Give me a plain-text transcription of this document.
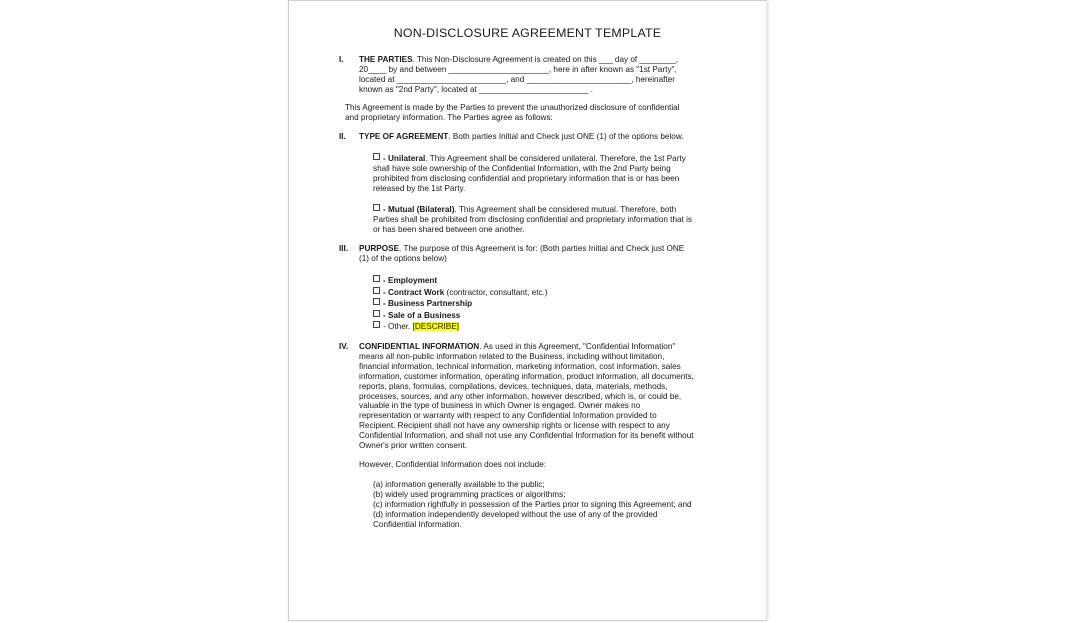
NON-DISCLOSURE AGREEMENT TEMPLATE
I. THE PARTIES. This Non-Disclosure Agreement is created on this ___ day of ________,
20____ by and between ______________________, here in after known as "1st Party",
located at ________________________, and _______________________, hereinafter
known as "2nd Party", located at ________________________ .
This Agreement is made by the Parties to prevent the unauthorized disclosure of confidential
and proprietary information. The Parties agree as follows:
II. TYPE OF AGREEMENT. Both parties Initial and Check just ONE (1) of the options below.
- Unilateral. This Agreement shall be considered unilateral. Therefore, the 1st Party
shall have sole ownership of the Confidential Information, with the 2nd Party being
prohibited from disclosing confidential and proprietary information that is or has been
released by the 1st Party.
- Mutual (Bilateral). This Agreement shall be considered mutual. Therefore, both
Parties shall be prohibited from disclosing confidential and proprietary information that is
or has been shared between one another.
III. PURPOSE. The purpose of this Agreement is for: (Both parties Initial and Check just ONE
(1) of the options below)
- Employment
- Contract Work (contractor, consultant, etc.)
- Business Partnership
- Sale of a Business
- Other. [DESCRIBE]
IV. CONFIDENTIAL INFORMATION. As used in this Agreement, "Confidential Information"
means all non-public information related to the Business, including without limitation,
financial information, technical information, marketing information, cost information, sales
information, customer information, operating information, product information, all documents,
reports, plans, formulas, compilations, devices, techniques, data, materials, methods,
processes, sources, and any other information, however described, which is, or could be,
valuable in the type of business in which Owner is engaged. Owner makes no
representation or warranty with respect to any Confidential Information provided to
Recipient. Recipient shall not have any ownership rights or license with respect to any
Confidential Information, and shall not use any Confidential Information for its benefit without
Owner's prior written consent.
However, Confidential Information does not include:
(a) information generally available to the public;
(b) widely used programming practices or algorithms;
(c) information rightfully in possession of the Parties prior to signing this Agreement; and
(d) information independently developed without the use of any of the provided
Confidential Information.
